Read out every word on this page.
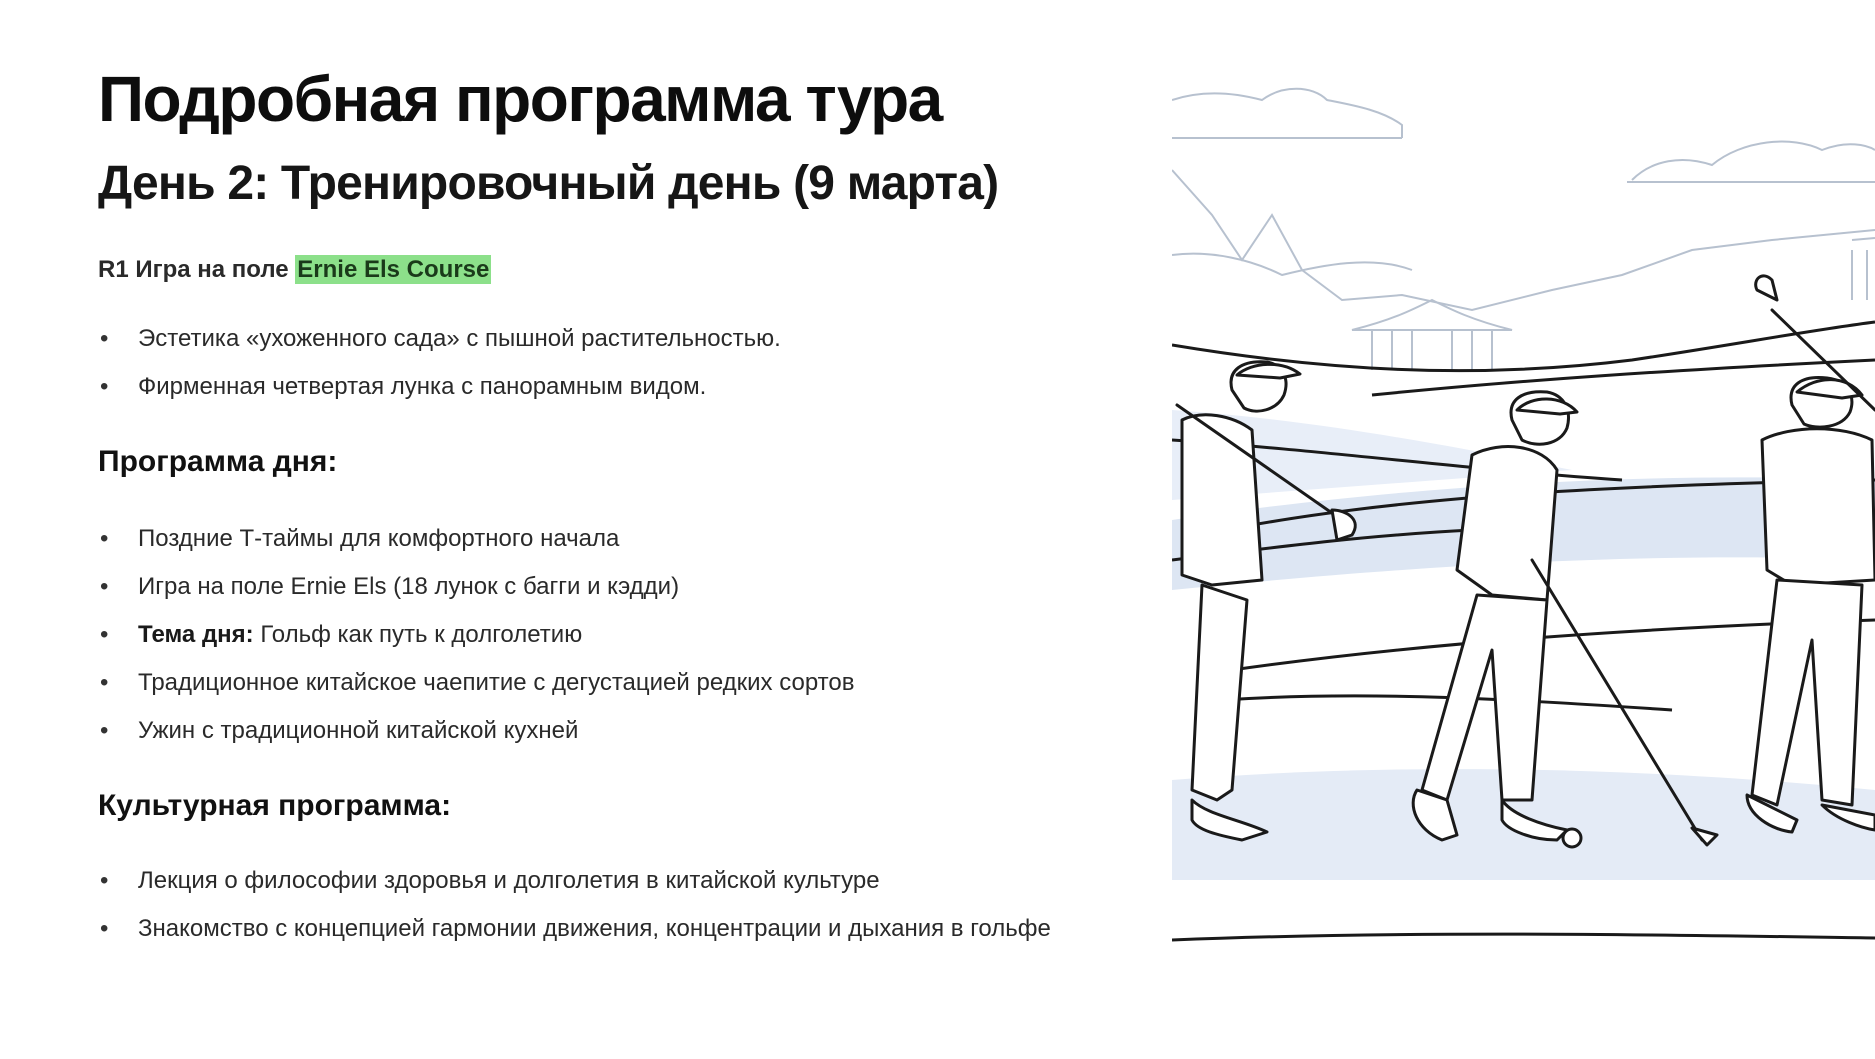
Подробная программа тура
День 2: Тренировочный день (9 марта)
R1 Игра на поле Ernie Els Course
• Эстетика «ухоженного сада» с пышной растительностью.
• Фирменная четвертая лунка с панорамным видом.
Программа дня:
• Поздние Т-таймы для комфортного начала
• Игра на поле Ernie Els (18 лунок с багги и кэдди)
• Тема дня: Гольф как путь к долголетию
• Традиционное китайское чаепитие с дегустацией редких сортов
• Ужин с традиционной китайской кухней
Культурная программа:
• Лекция о философии здоровья и долголетия в китайской культуре
• Знакомство с концепцией гармонии движения, концентрации и дыхания в гольфе
